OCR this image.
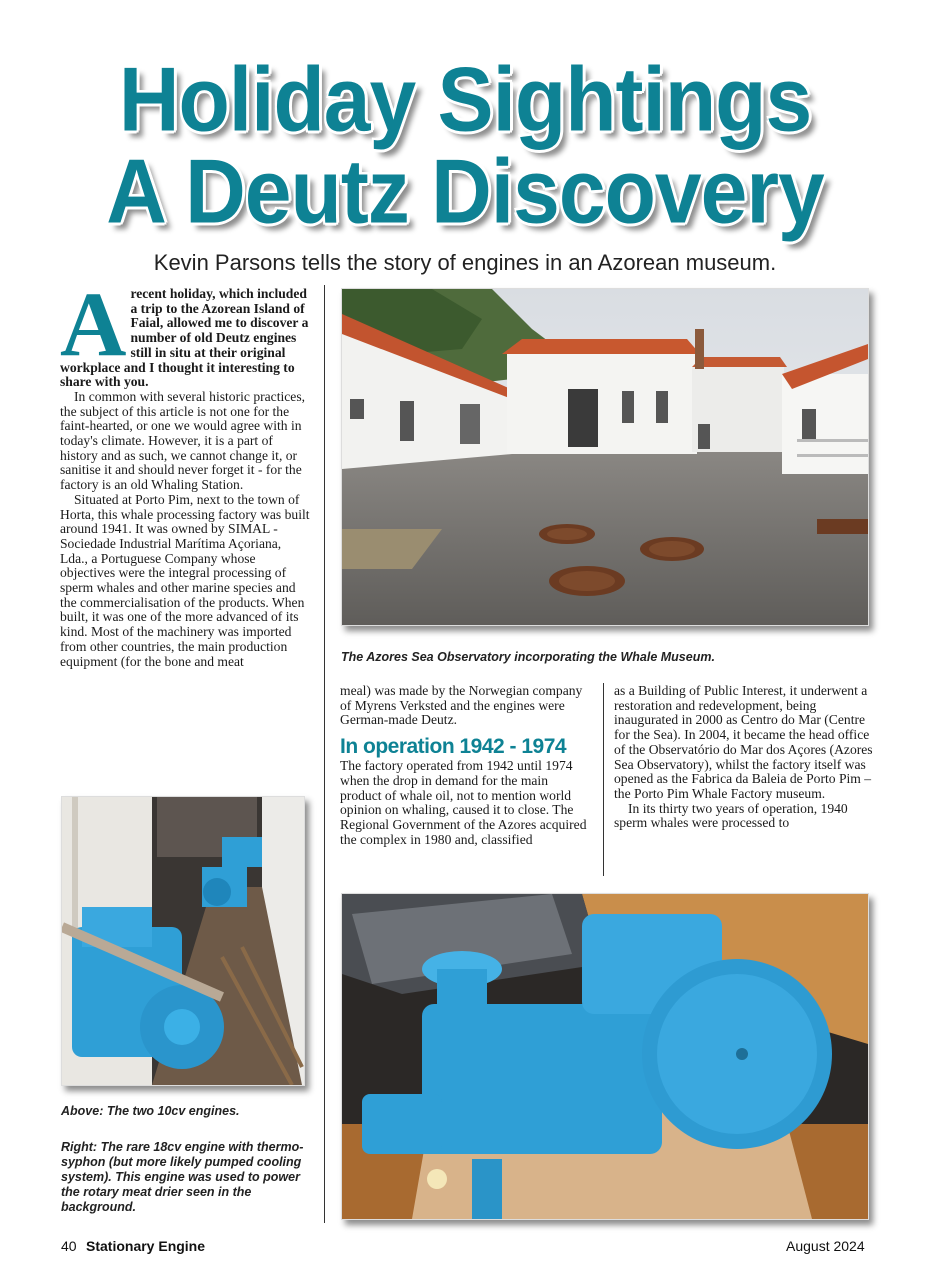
Holiday Sightings
A Deutz Discovery
Kevin Parsons tells the story of engines in an Azorean museum.
A recent holiday, which included a trip to the Azorean Island of Faial, allowed me to discover a number of old Deutz engines still in situ at their original workplace and I thought it interesting to share with you.

In common with several historic practices, the subject of this article is not one for the faint-hearted, or one we would agree with in today's climate. However, it is a part of history and as such, we cannot change it, or sanitise it and should never forget it - for the factory is an old Whaling Station.

Situated at Porto Pim, next to the town of Horta, this whale processing factory was built around 1941. It was owned by SIMAL - Sociedade Industrial Marítima Açoriana, Lda., a Portuguese Company whose objectives were the integral processing of sperm whales and other marine species and the commercialisation of the products. When built, it was one of the more advanced of its kind. Most of the machinery was imported from other countries, the main production equipment (for the bone and meat	The Azores Sea Observatory incorporating the Whale Museum.

meal) was made by the Norwegian company of Myrens Verksted and the engines were German-made Deutz.

In operation 1942 - 1974

The factory operated from 1942 until 1974 when the drop in demand for the main product of whale oil, not to mention world opinion on whaling, caused it to close. The Regional Government of the Azores acquired the complex in 1980 and, classified

as a Building of Public Interest, it underwent a restoration and redevelopment, being inaugurated in 2000 as Centro do Mar (Centre for the Sea). In 2004, it became the head office of the Observatório do Mar dos Açores (Azores Sea Observatory), whilst the factory itself was opened as the Fabrica da Baleia de Porto Pim – the Porto Pim Whale Factory museum.

In its thirty two years of operation, 1940 sperm whales were processed to

Above: The two 10cv engines.
Right: The rare 18cv engine with thermo-syphon (but more likely pumped cooling system). This engine was used to power the rotary meat drier seen in the background.
40 Stationary Engine	August 2024
